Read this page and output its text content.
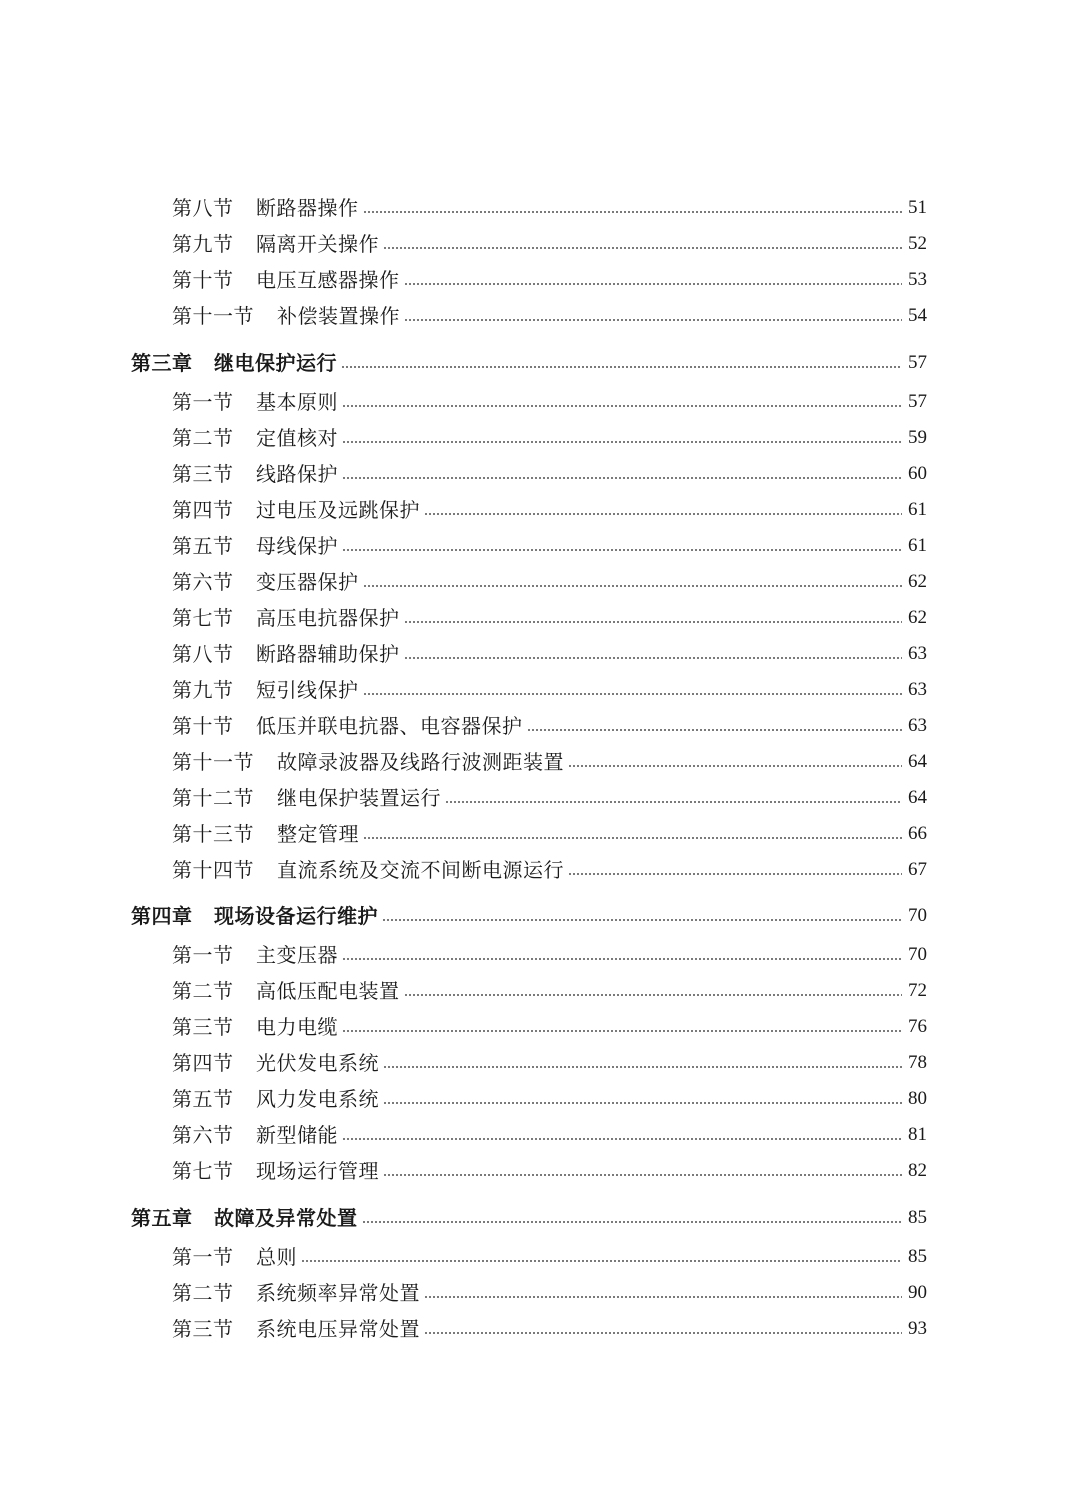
第八节 断路器操作	51
第九节 隔离开关操作	52
第十节 电压互感器操作	53
第十一节 补偿装置操作	54
第三章 继电保护运行	57
第一节 基本原则	57
第二节 定值核对	59
第三节 线路保护	60
第四节 过电压及远跳保护	61
第五节 母线保护	61
第六节 变压器保护	62
第七节 高压电抗器保护	62
第八节 断路器辅助保护	63
第九节 短引线保护	63
第十节 低压并联电抗器、电容器保护	63
第十一节 故障录波器及线路行波测距装置	64
第十二节 继电保护装置运行	64
第十三节 整定管理	66
第十四节 直流系统及交流不间断电源运行	67
第四章 现场设备运行维护	70
第一节 主变压器	70
第二节 高低压配电装置	72
第三节 电力电缆	76
第四节 光伏发电系统	78
第五节 风力发电系统	80
第六节 新型储能	81
第七节 现场运行管理	82
第五章 故障及异常处置	85
第一节 总则	85
第二节 系统频率异常处置	90
第三节 系统电压异常处置	93
